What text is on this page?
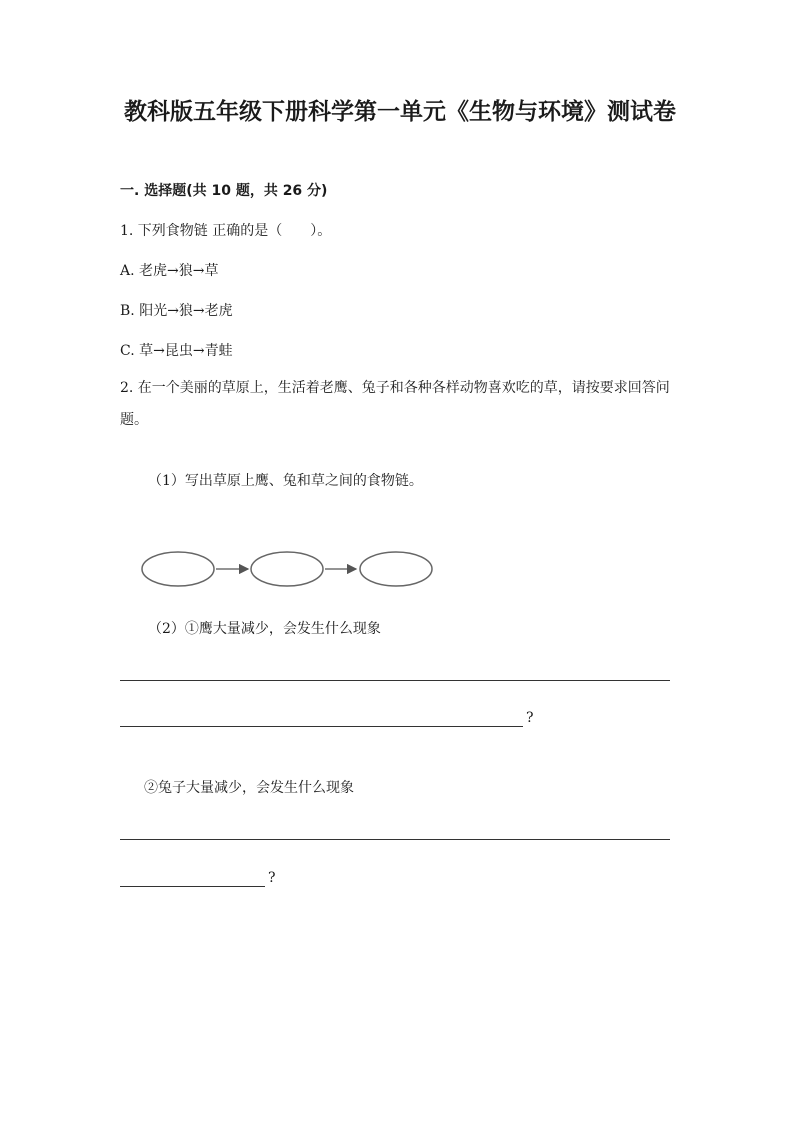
教科版五年级下册科学第一单元《生物与环境》测试卷
一. 选择题(共 10 题，共 26 分)
1. 下列食物链 正确的是（　　）。
A. 老虎→狼→草
B. 阳光→狼→老虎
C. 草→昆虫→青蛙
2. 在一个美丽的草原上，生活着老鹰、兔子和各种各样动物喜欢吃的草，请按要求回答问题。
（1）写出草原上鹰、兔和草之间的食物链。
（2）①鹰大量减少，会发生什么现象
?
②兔子大量减少，会发生什么现象
?
